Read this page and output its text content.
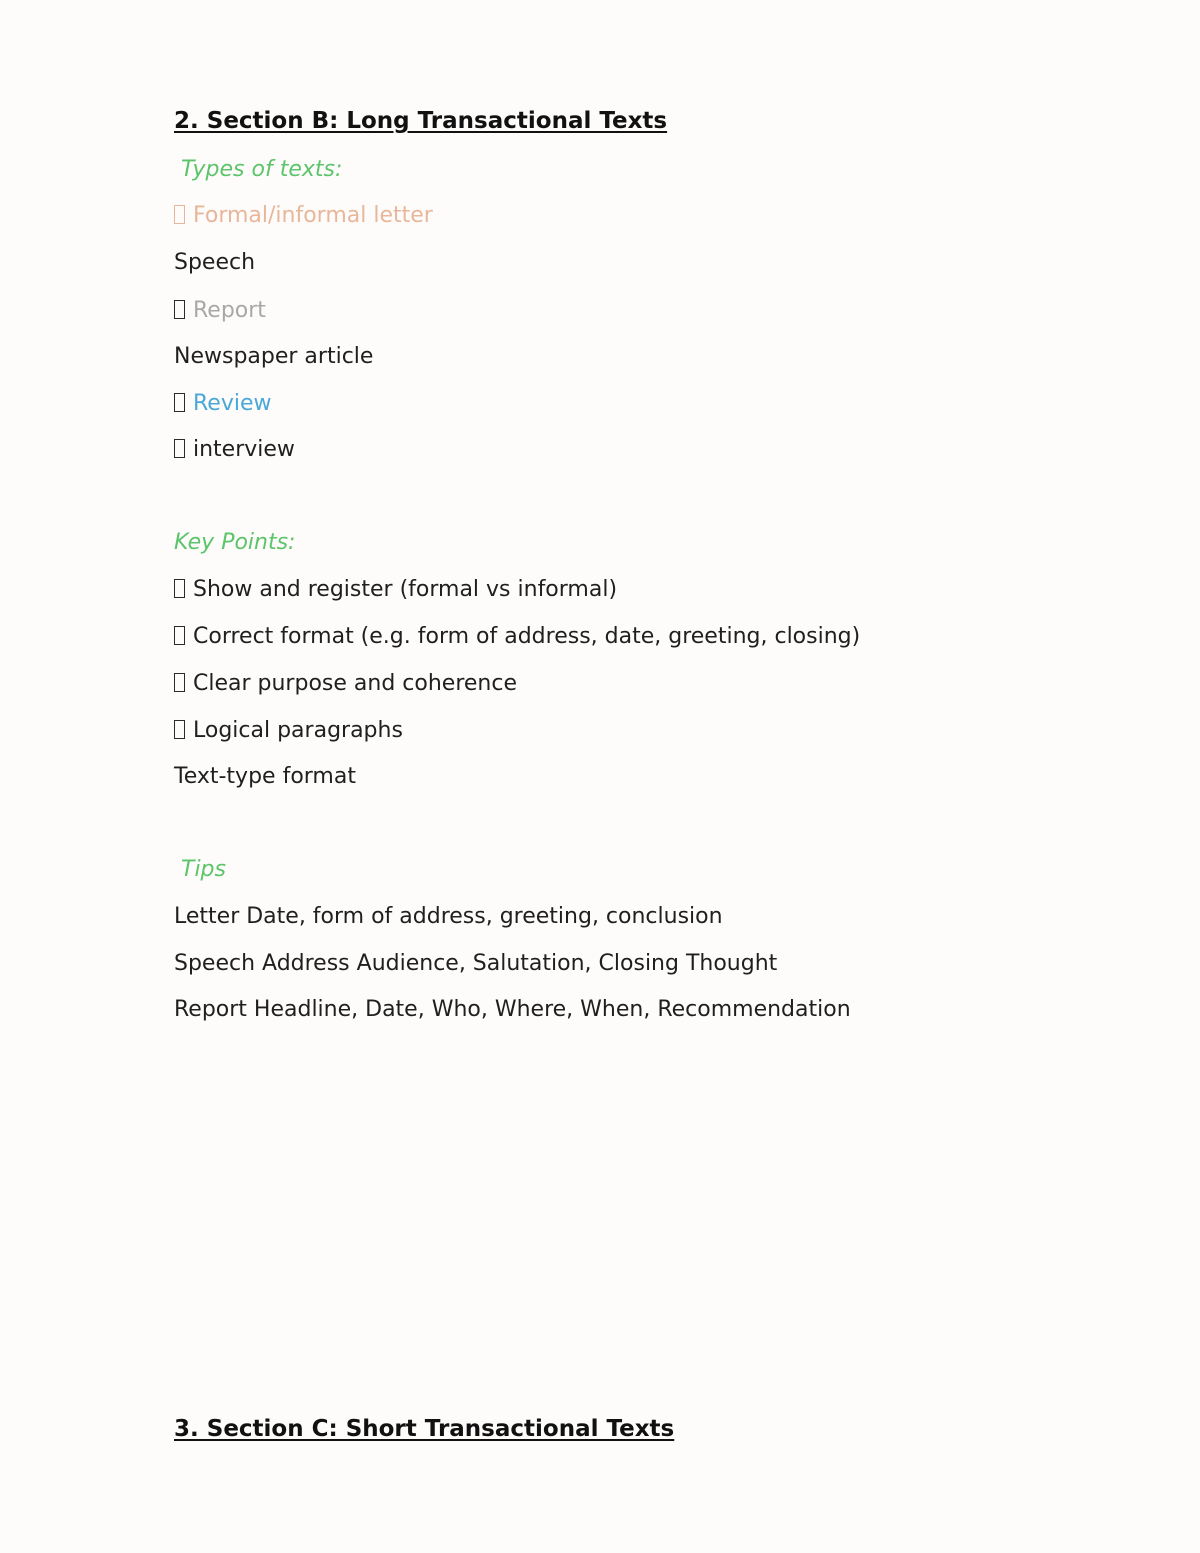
2. Section B: Long Transactional Texts
Types of texts:
Formal/informal letter
Speech
Report
Newspaper article
Review
interview
Key Points:
Show and register (formal vs informal)
Correct format (e.g. form of address, date, greeting, closing)
Clear purpose and coherence
Logical paragraphs
Text-type format
Tips
Letter Date, form of address, greeting, conclusion
Speech Address Audience, Salutation, Closing Thought
Report Headline, Date, Who, Where, When, Recommendation
3. Section C: Short Transactional Texts
